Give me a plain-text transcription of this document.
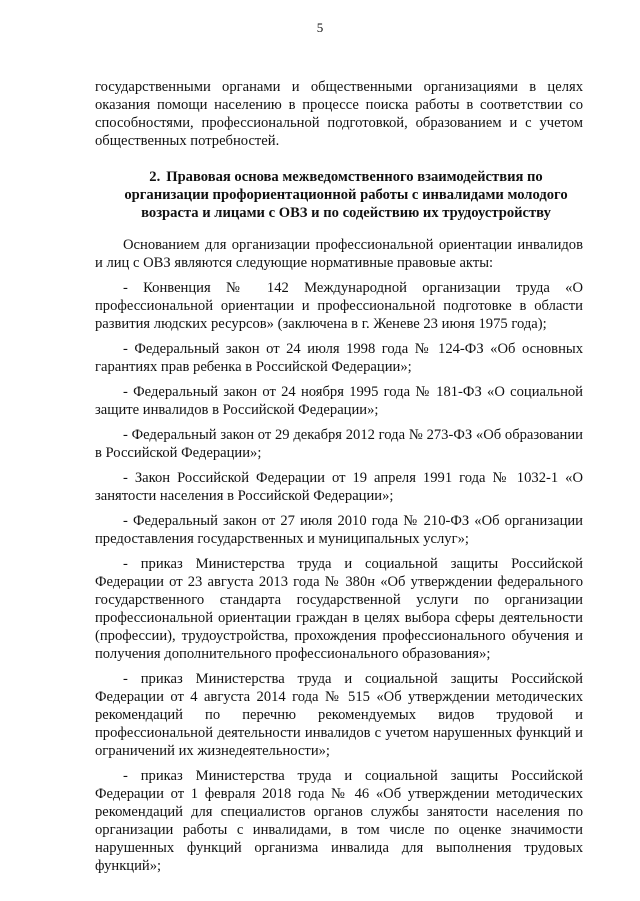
5

государственными органами и общественными организациями в целях оказания помощи населению в процессе поиска работы в соответствии со способностями, профессиональной подготовкой, образованием и с учетом общественных потребностей.

2. Правовая основа межведомственного взаимодействия по организации профориентационной работы с инвалидами молодого возраста и лицами с ОВЗ и по содействию их трудоустройству

Основанием для организации профессиональной ориентации инвалидов и лиц с ОВЗ являются следующие нормативные правовые акты:

- Конвенция № 142 Международной организации труда «О профессиональной ориентации и профессиональной подготовке в области развития людских ресурсов» (заключена в г. Женеве 23 июня 1975 года);

- Федеральный закон от 24 июля 1998 года № 124-ФЗ «Об основных гарантиях прав ребенка в Российской Федерации»;

- Федеральный закон от 24 ноября 1995 года № 181-ФЗ «О социальной защите инвалидов в Российской Федерации»;

- Федеральный закон от 29 декабря 2012 года № 273-ФЗ «Об образовании в Российской Федерации»;

- Закон Российской Федерации от 19 апреля 1991 года № 1032-1 «О занятости населения в Российской Федерации»;

- Федеральный закон от 27 июля 2010 года № 210-ФЗ «Об организации предоставления государственных и муниципальных услуг»;

- приказ Министерства труда и социальной защиты Российской Федерации от 23 августа 2013 года № 380н «Об утверждении федерального государственного стандарта государственной услуги по организации профессиональной ориентации граждан в целях выбора сферы деятельности (профессии), трудоустройства, прохождения профессионального обучения и получения дополнительного профессионального образования»;

- приказ Министерства труда и социальной защиты Российской Федерации от 4 августа 2014 года № 515 «Об утверждении методических рекомендаций по перечню рекомендуемых видов трудовой и профессиональной деятельности инвалидов с учетом нарушенных функций и ограничений их жизнедеятельности»;

- приказ Министерства труда и социальной защиты Российской Федерации от 1 февраля 2018 года № 46 «Об утверждении методических рекомендаций для специалистов органов службы занятости населения по организации работы с инвалидами, в том числе по оценке значимости нарушенных функций организма инвалида для выполнения трудовых функций»;
